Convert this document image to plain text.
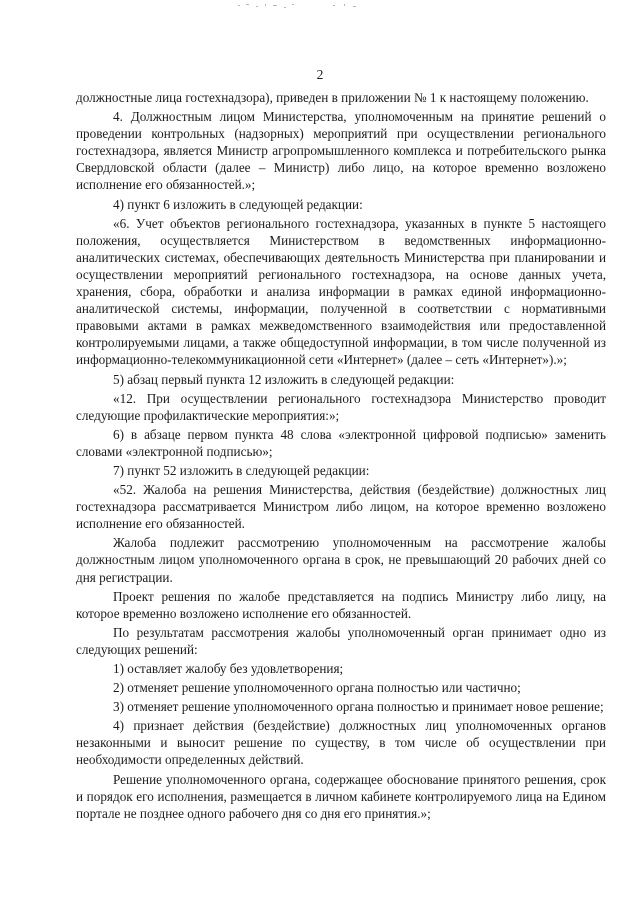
2

должностные лица гостехнадзора), приведен в приложении № 1 к настоящему положению.

4. Должностным лицом Министерства, уполномоченным на принятие решений о проведении контрольных (надзорных) мероприятий при осуществлении регионального гостехнадзора, является Министр агропромышленного комплекса и потребительского рынка Свердловской области (далее – Министр) либо лицо, на которое временно возложено исполнение его обязанностей.»;

4) пункт 6 изложить в следующей редакции:

«6. Учет объектов регионального гостехнадзора, указанных в пункте 5 настоящего положения, осуществляется Министерством в ведомственных информационно-аналитических системах, обеспечивающих деятельность Министерства при планировании и осуществлении мероприятий регионального гостехнадзора, на основе данных учета, хранения, сбора, обработки и анализа информации в рамках единой информационно-аналитической системы, информации, полученной в соответствии с нормативными правовыми актами в рамках межведомственного взаимодействия или предоставленной контролируемыми лицами, а также общедоступной информации, в том числе полученной из информационно-телекоммуникационной сети «Интернет» (далее – сеть «Интернет»).»;

5) абзац первый пункта 12 изложить в следующей редакции:

«12. При осуществлении регионального гостехнадзора Министерство проводит следующие профилактические мероприятия:»;

6) в абзаце первом пункта 48 слова «электронной цифровой подписью» заменить словами «электронной подписью»;

7) пункт 52 изложить в следующей редакции:

«52. Жалоба на решения Министерства, действия (бездействие) должностных лиц гостехнадзора рассматривается Министром либо лицом, на которое временно возложено исполнение его обязанностей.

Жалоба подлежит рассмотрению уполномоченным на рассмотрение жалобы должностным лицом уполномоченного органа в срок, не превышающий 20 рабочих дней со дня регистрации.

Проект решения по жалобе представляется на подпись Министру либо лицу, на которое временно возложено исполнение его обязанностей.

По результатам рассмотрения жалобы уполномоченный орган принимает одно из следующих решений:

1) оставляет жалобу без удовлетворения;

2) отменяет решение уполномоченного органа полностью или частично;

3) отменяет решение уполномоченного органа полностью и принимает новое решение;

4) признает действия (бездействие) должностных лиц уполномоченных органов незаконными и выносит решение по существу, в том числе об осуществлении при необходимости определенных действий.

Решение уполномоченного органа, содержащее обоснование принятого решения, срок и порядок его исполнения, размещается в личном кабинете контролируемого лица на Едином портале не позднее одного рабочего дня со дня его принятия.»;
